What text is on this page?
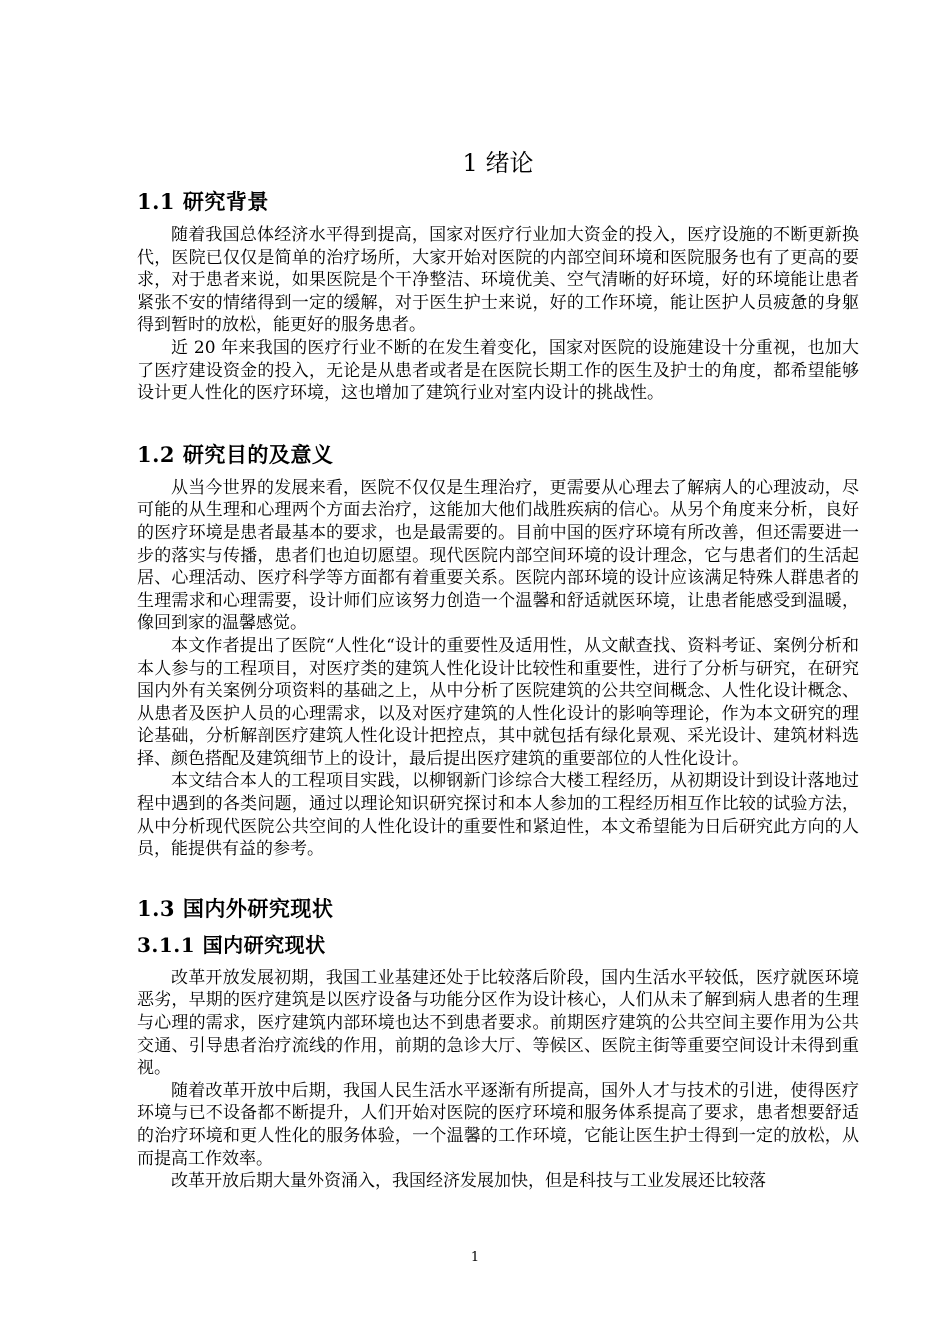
1 绪论
1.1 研究背景

随着我国总体经济水平得到提高，国家对医疗行业加大资金的投入，医疗设施的不断更新换代，医院已仅仅是简单的治疗场所，大家开始对医院的内部空间环境和医院服务也有了更高的要求，对于患者来说，如果医院是个干净整洁、环境优美、空气清晰的好环境，好的环境能让患者紧张不安的情绪得到一定的缓解，对于医生护士来说，好的工作环境，能让医护人员疲惫的身躯得到暂时的放松，能更好的服务患者。

近 20 年来我国的医疗行业不断的在发生着变化，国家对医院的设施建设十分重视，也加大了医疗建设资金的投入，无论是从患者或者是在医院长期工作的医生及护士的角度，都希望能够设计更人性化的医疗环境，这也增加了建筑行业对室内设计的挑战性。

1.2 研究目的及意义

从当今世界的发展来看，医院不仅仅是生理治疗，更需要从心理去了解病人的心理波动，尽可能的从生理和心理两个方面去治疗，这能加大他们战胜疾病的信心。从另个角度来分析，良好的医疗环境是患者最基本的要求，也是最需要的。目前中国的医疗环境有所改善，但还需要进一步的落实与传播，患者们也迫切愿望。现代医院内部空间环境的设计理念，它与患者们的生活起居、心理活动、医疗科学等方面都有着重要关系。医院内部环境的设计应该满足特殊人群患者的生理需求和心理需要，设计师们应该努力创造一个温馨和舒适就医环境，让患者能感受到温暖，像回到家的温馨感觉。

本文作者提出了医院“人性化“设计的重要性及适用性，从文献查找、资料考证、案例分析和本人参与的工程项目，对医疗类的建筑人性化设计比较性和重要性，进行了分析与研究，在研究国内外有关案例分项资料的基础之上，从中分析了医院建筑的公共空间概念、人性化设计概念、从患者及医护人员的心理需求，以及对医疗建筑的人性化设计的影响等理论，作为本文研究的理论基础，分析解剖医疗建筑人性化设计把控点，其中就包括有绿化景观、采光设计、建筑材料选择、颜色搭配及建筑细节上的设计，最后提出医疗建筑的重要部位的人性化设计。

本文结合本人的工程项目实践，以柳钢新门诊综合大楼工程经历，从初期设计到设计落地过程中遇到的各类问题，通过以理论知识研究探讨和本人参加的工程经历相互作比较的试验方法，从中分析现代医院公共空间的人性化设计的重要性和紧迫性，本文希望能为日后研究此方向的人员，能提供有益的参考。

1.3 国内外研究现状
3.1.1 国内研究现状

改革开放发展初期，我国工业基建还处于比较落后阶段，国内生活水平较低，医疗就医环境恶劣，早期的医疗建筑是以医疗设备与功能分区作为设计核心，人们从未了解到病人患者的生理与心理的需求，医疗建筑内部环境也达不到患者要求。前期医疗建筑的公共空间主要作用为公共交通、引导患者治疗流线的作用，前期的急诊大厅、等候区、医院主街等重要空间设计未得到重视。

随着改革开放中后期，我国人民生活水平逐渐有所提高，国外人才与技术的引进，使得医疗环境与已不设备都不断提升，人们开始对医院的医疗环境和服务体系提高了要求，患者想要舒适的治疗环境和更人性化的服务体验，一个温馨的工作环境，它能让医生护士得到一定的放松，从而提高工作效率。

改革开放后期大量外资涌入，我国经济发展加快，但是科技与工业发展还比较落

1
